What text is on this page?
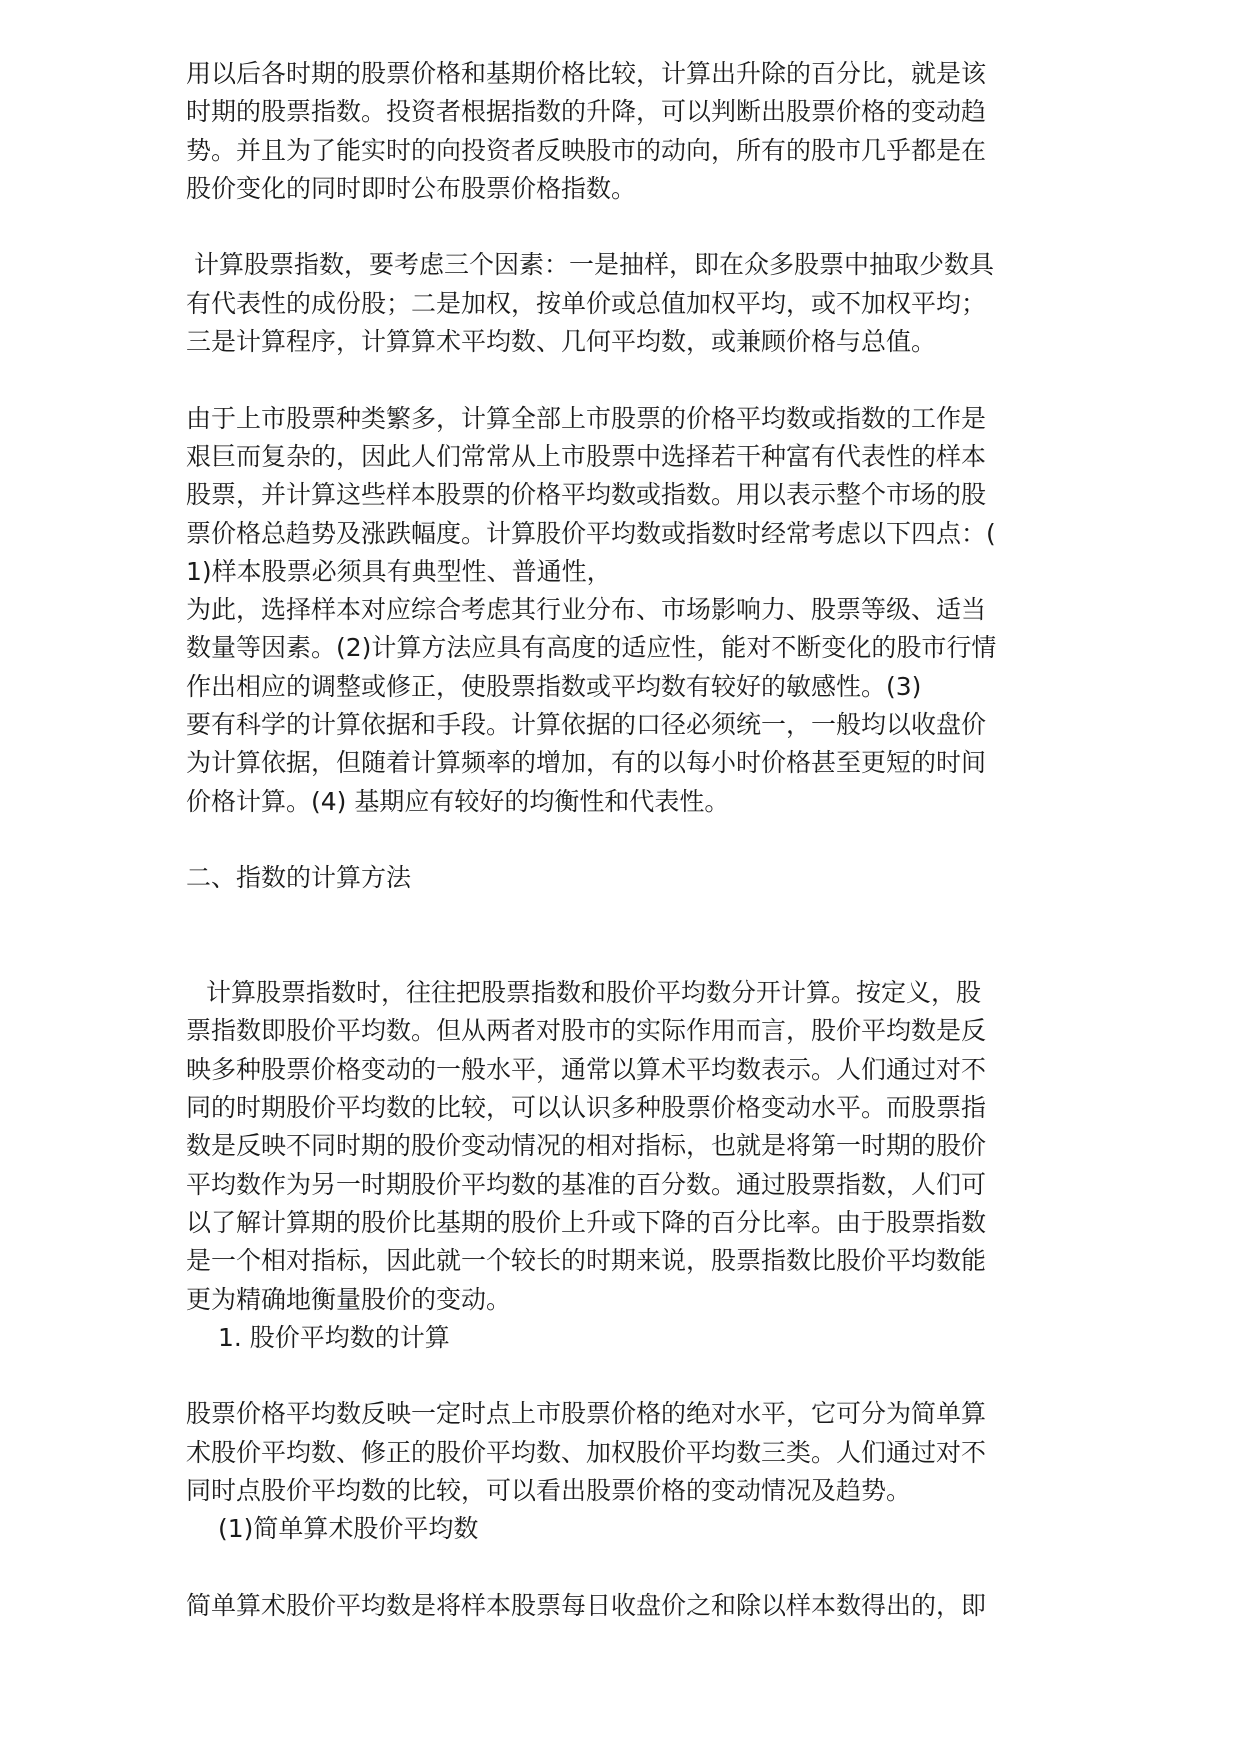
用以后各时期的股票价格和基期价格比较，计算出升除的百分比，就是该
时期的股票指数。投资者根据指数的升降，可以判断出股票价格的变动趋
势。并且为了能实时的向投资者反映股市的动向，所有的股市几乎都是在
股价变化的同时即时公布股票价格指数。
计算股票指数，要考虑三个因素：一是抽样，即在众多股票中抽取少数具
有代表性的成份股；二是加权，按单价或总值加权平均，或不加权平均；
三是计算程序，计算算术平均数、几何平均数，或兼顾价格与总值。
由于上市股票种类繁多，计算全部上市股票的价格平均数或指数的工作是
艰巨而复杂的，因此人们常常从上市股票中选择若干种富有代表性的样本
股票，并计算这些样本股票的价格平均数或指数。用以表示整个市场的股
票价格总趋势及涨跌幅度。计算股价平均数或指数时经常考虑以下四点：(
1)样本股票必须具有典型性、普通性，
为此，选择样本对应综合考虑其行业分布、市场影响力、股票等级、适当
数量等因素。(2)计算方法应具有高度的适应性，能对不断变化的股市行情
作出相应的调整或修正，使股票指数或平均数有较好的敏感性。(3)
要有科学的计算依据和手段。计算依据的口径必须统一，一般均以收盘价
为计算依据，但随着计算频率的增加，有的以每小时价格甚至更短的时间
价格计算。(4) 基期应有较好的均衡性和代表性。
二、指数的计算方法
计算股票指数时，往往把股票指数和股价平均数分开计算。按定义，股
票指数即股价平均数。但从两者对股市的实际作用而言，股价平均数是反
映多种股票价格变动的一般水平，通常以算术平均数表示。人们通过对不
同的时期股价平均数的比较，可以认识多种股票价格变动水平。而股票指
数是反映不同时期的股价变动情况的相对指标，也就是将第一时期的股价
平均数作为另一时期股价平均数的基准的百分数。通过股票指数，人们可
以了解计算期的股价比基期的股价上升或下降的百分比率。由于股票指数
是一个相对指标，因此就一个较长的时期来说，股票指数比股价平均数能
更为精确地衡量股价的变动。
1. 股价平均数的计算
股票价格平均数反映一定时点上市股票价格的绝对水平，它可分为简单算
术股价平均数、修正的股价平均数、加权股价平均数三类。人们通过对不
同时点股价平均数的比较，可以看出股票价格的变动情况及趋势。
(1)简单算术股价平均数
简单算术股价平均数是将样本股票每日收盘价之和除以样本数得出的，即
